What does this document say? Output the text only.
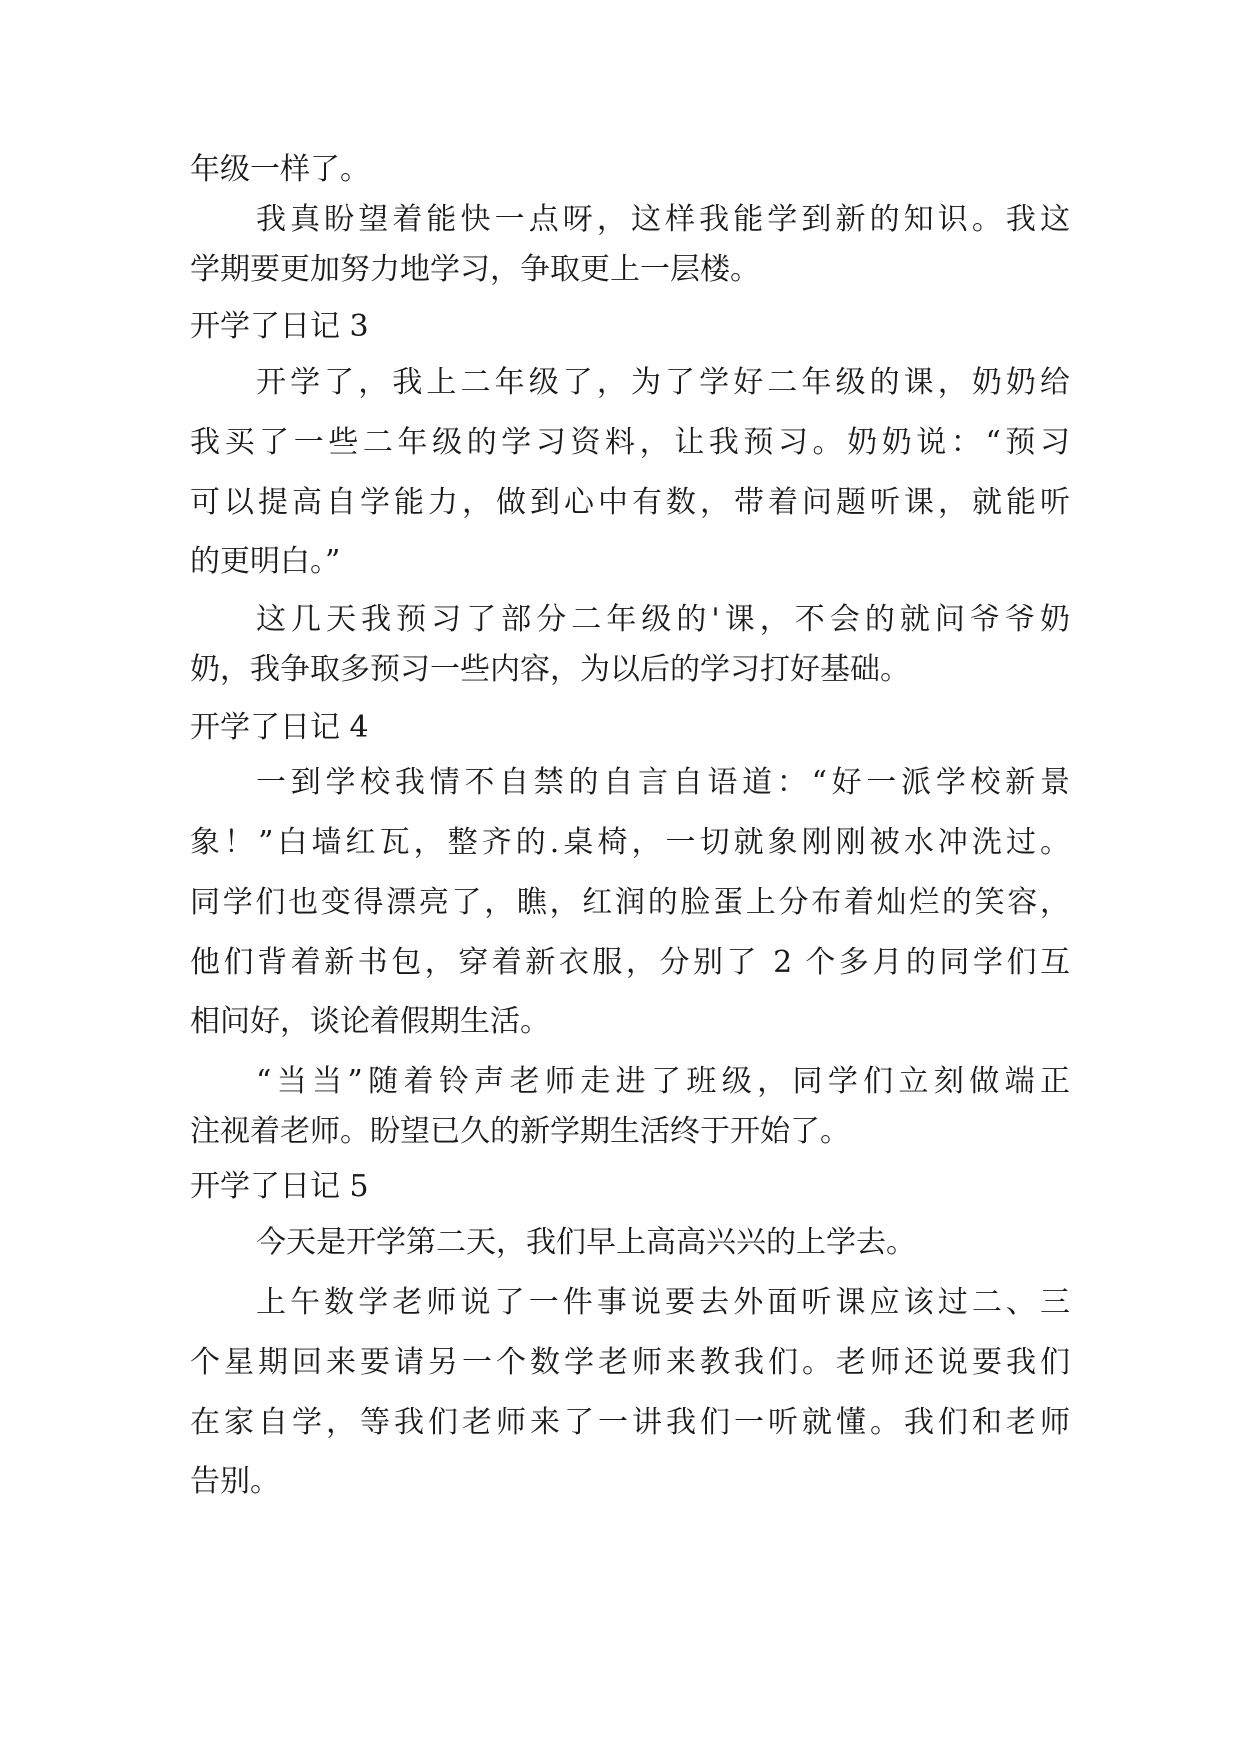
年级一样了。
我真盼望着能快一点呀，这样我能学到新的知识。我这
学期要更加努力地学习，争取更上一层楼。
开学了日记 3
开学了，我上二年级了，为了学好二年级的课，奶奶给
我买了一些二年级的学习资料，让我预习。奶奶说：“预习
可以提高自学能力，做到心中有数，带着问题听课，就能听
的更明白。”
这几天我预习了部分二年级的'课，不会的就问爷爷奶
奶，我争取多预习一些内容，为以后的学习打好基础。
开学了日记 4
一到学校我情不自禁的自言自语道：“好一派学校新景
象！”白墙红瓦，整齐的.桌椅，一切就象刚刚被水冲洗过。
同学们也变得漂亮了，瞧，红润的脸蛋上分布着灿烂的笑容，
他们背着新书包，穿着新衣服，分别了 2 个多月的同学们互
相问好，谈论着假期生活。
“当当”随着铃声老师走进了班级，同学们立刻做端正
注视着老师。盼望已久的新学期生活终于开始了。
开学了日记 5
今天是开学第二天，我们早上高高兴兴的上学去。
上午数学老师说了一件事说要去外面听课应该过二、三
个星期回来要请另一个数学老师来教我们。老师还说要我们
在家自学，等我们老师来了一讲我们一听就懂。我们和老师
告别。
